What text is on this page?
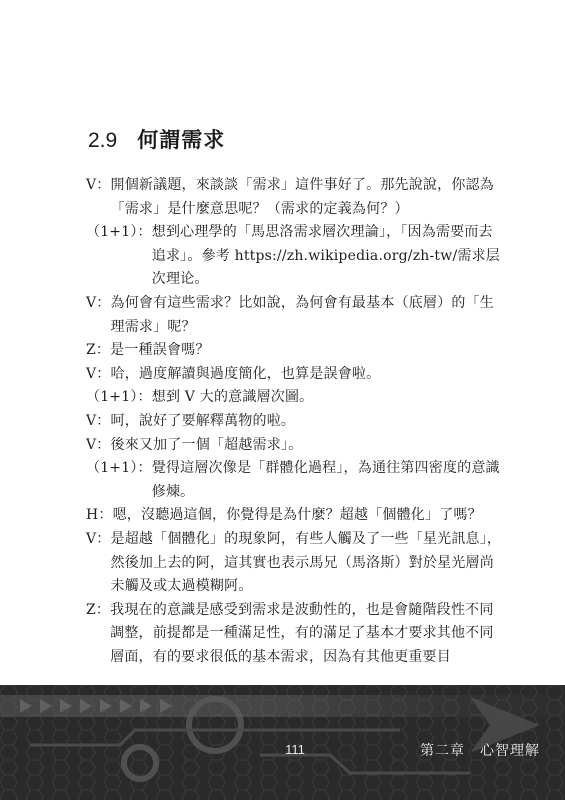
2.9 何謂需求
V： 開個新議題，來談談「需求」這件事好了。那先說說，你認為「需求」是什麼意思呢？（需求的定義為何？）
（1+1）： 想到心理學的「馬思洛需求層次理論」，「因為需要而去追求」。參考 https://zh.wikipedia.org/zh-tw/需求层次理论。
V： 為何會有這些需求？比如說，為何會有最基本（底層）的「生理需求」呢？
Z： 是一種誤會嗎？
V： 哈，過度解讀與過度簡化，也算是誤會啦。
（1+1）： 想到 V 大的意識層次圖。
V： 呵，說好了要解釋萬物的啦。
V： 後來又加了一個「超越需求」。
（1+1）： 覺得這層次像是「群體化過程」，為通往第四密度的意識修煉。
H： 嗯，沒聽過這個，你覺得是為什麼？超越「個體化」了嗎？
V： 是超越「個體化」的現象阿，有些人觸及了一些「星光訊息」，然後加上去的阿，這其實也表示馬兄（馬洛斯）對於星光層尚未觸及或太過模糊阿。
Z： 我現在的意識是感受到需求是波動性的，也是會隨階段性不同調整，前提都是一種滿足性，有的滿足了基本才要求其他不同層面，有的要求很低的基本需求，因為有其他更重要目
111	第二章　心智理解
